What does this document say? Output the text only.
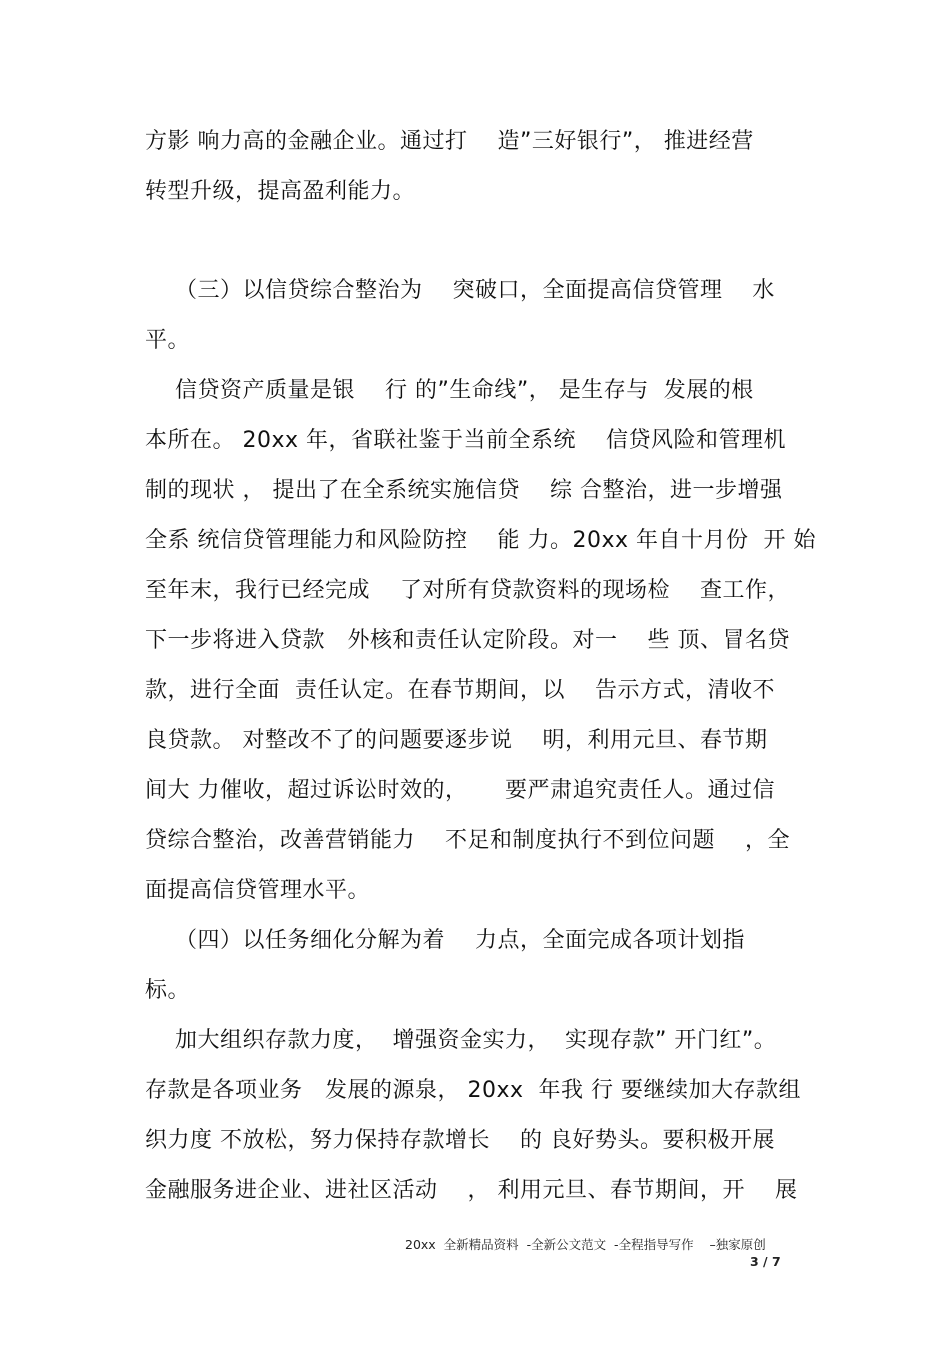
方影 响力高的金融企业。通过打    造”三好银行”， 推进经营
转型升级，提高盈利能力。
（三）以信贷综合整治为    突破口，全面提高信贷管理    水
平。
信贷资产质量是银    行 的”生命线”， 是生存与  发展的根
本所在。 20xx 年，省联社鉴于当前全系统    信贷风险和管理机
制的现状 ， 提出了在全系统实施信贷    综 合整治，进一步增强
全系 统信贷管理能力和风险防控    能 力。20xx 年自十月份  开 始
至年末，我行已经完成    了对所有贷款资料的现场检    查工作，
下一步将进入贷款   外核和责任认定阶段。对一    些 顶、冒名贷
款，进行全面  责任认定。在春节期间，以    告示方式，清收不
良贷款。 对整改不了的问题要逐步说    明，利用元旦、春节期
间大 力催收，超过诉讼时效的，     要严肃追究责任人。通过信
贷综合整治，改善营销能力    不足和制度执行不到位问题    ，全
面提高信贷管理水平。
（四）以任务细化分解为着    力点，全面完成各项计划指
标。
加大组织存款力度，  增强资金实力，  实现存款” 开门红”。
存款是各项业务   发展的源泉， 20xx  年我 行 要继续加大存款组
织力度 不放松，努力保持存款增长    的 良好势头。要积极开展
金融服务进企业、进社区活动    ， 利用元旦、春节期间，开    展
20xx  全新精品资料  -全新公文范文  -全程指导写作    –独家原创
3 / 7
